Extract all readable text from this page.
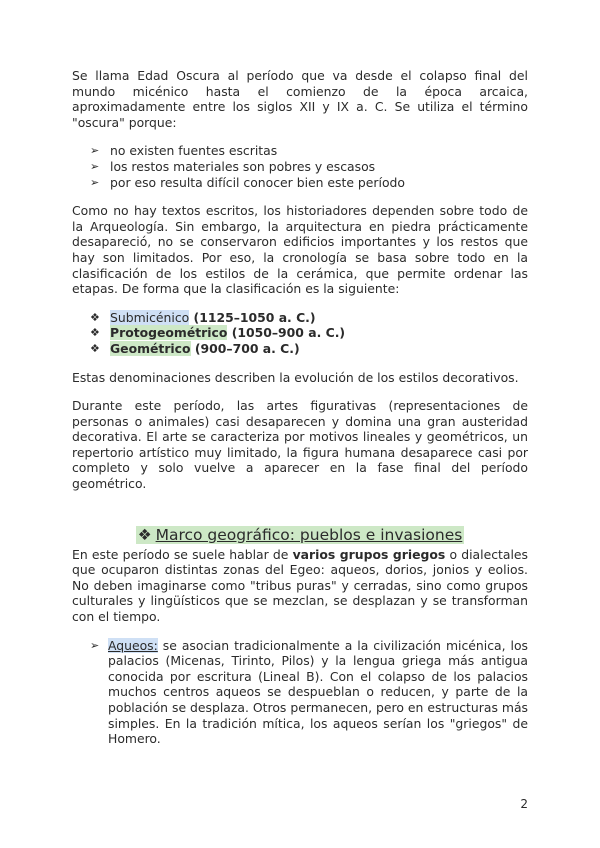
Se llama Edad Oscura al período que va desde el colapso final del mundo micénico hasta el comienzo de la época arcaica, aproximadamente entre los siglos XII y IX a. C. Se utiliza el término "oscura" porque:

➢ no existen fuentes escritas
➢ los restos materiales son pobres y escasos
➢ por eso resulta difícil conocer bien este período

Como no hay textos escritos, los historiadores dependen sobre todo de la Arqueología. Sin embargo, la arquitectura en piedra prácticamente desapareció, no se conservaron edificios importantes y los restos que hay son limitados. Por eso, la cronología se basa sobre todo en la clasificación de los estilos de la cerámica, que permite ordenar las etapas. De forma que la clasificación es la siguiente:

❖ Submicénico (1125–1050 a. C.)
❖ Protogeométrico (1050–900 a. C.)
❖ Geométrico (900–700 a. C.)

Estas denominaciones describen la evolución de los estilos decorativos.

Durante este período, las artes figurativas (representaciones de personas o animales) casi desaparecen y domina una gran austeridad decorativa. El arte se caracteriza por motivos lineales y geométricos, un repertorio artístico muy limitado, la figura humana desaparece casi por completo y solo vuelve a aparecer en la fase final del período geométrico.

❖ Marco geográfico: pueblos e invasiones

En este período se suele hablar de varios grupos griegos o dialectales que ocuparon distintas zonas del Egeo: aqueos, dorios, jonios y eolios. No deben imaginarse como "tribus puras" y cerradas, sino como grupos culturales y lingüísticos que se mezclan, se desplazan y se transforman con el tiempo.

➢ Aqueos: se asocian tradicionalmente a la civilización micénica, los palacios (Micenas, Tirinto, Pilos) y la lengua griega más antigua conocida por escritura (Lineal B). Con el colapso de los palacios muchos centros aqueos se despueblan o reducen, y parte de la población se desplaza. Otros permanecen, pero en estructuras más simples. En la tradición mítica, los aqueos serían los "griegos" de Homero.
2
